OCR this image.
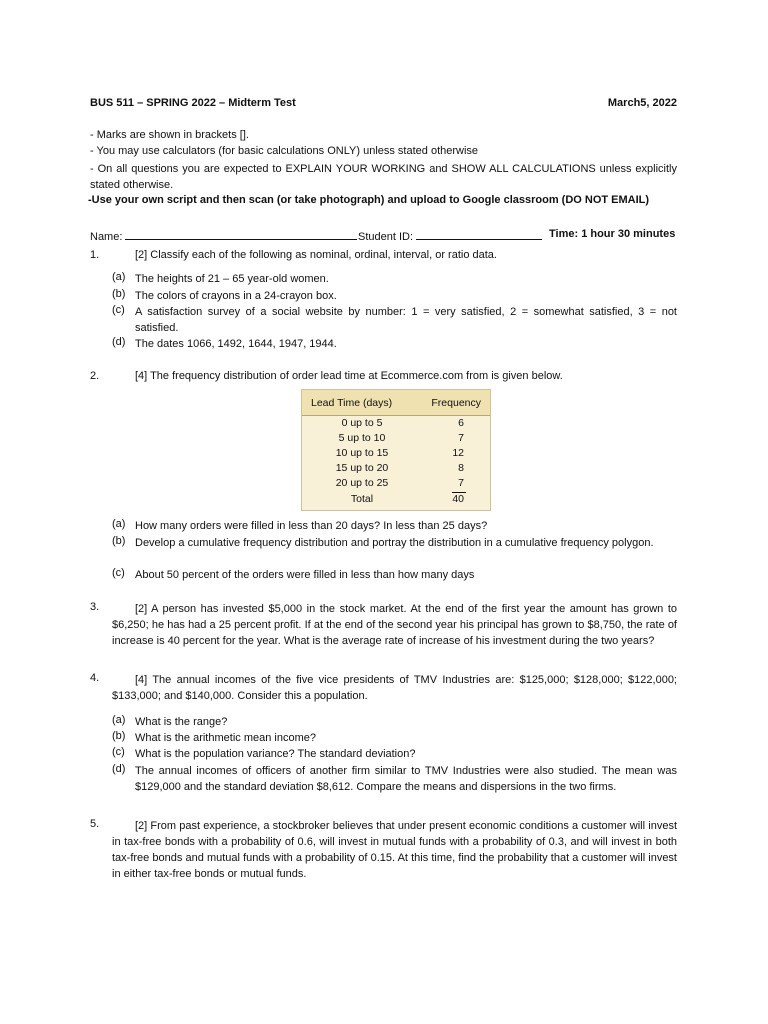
BUS 511 – SPRING 2022 – Midterm Test	March5, 2022
- Marks are shown in brackets [].
- You may use calculators (for basic calculations ONLY) unless stated otherwise
- On all questions you are expected to EXPLAIN YOUR WORKING and SHOW ALL CALCULATIONS unless explicitly stated otherwise.
-Use your own script and then scan (or take photograph) and upload to Google classroom (DO NOT EMAIL)
Name:	Student ID:	Time: 1 hour 30 minutes
1.	[2] Classify each of the following as nominal, ordinal, interval, or ratio data.
(a) The heights of 21 – 65 year-old women.
(b) The colors of crayons in a 24-crayon box.
(c) A satisfaction survey of a social website by number: 1 = very satisfied, 2 = somewhat satisfied, 3 = not satisfied.
(d) The dates 1066, 1492, 1644, 1947, 1944.
2.	[4] The frequency distribution of order lead time at Ecommerce.com from is given below.
Lead Time (days)	Frequency
0 up to 5	6
5 up to 10	7
10 up to 15	12
15 up to 20	8
20 up to 25	7
Total	40
(a) How many orders were filled in less than 20 days? In less than 25 days?
(b) Develop a cumulative frequency distribution and portray the distribution in a cumulative frequency polygon.
(c) About 50 percent of the orders were filled in less than how many days
3.	[2] A person has invested $5,000 in the stock market. At the end of the first year the amount has grown to $6,250; he has had a 25 percent profit. If at the end of the second year his principal has grown to $8,750, the rate of increase is 40 percent for the year. What is the average rate of increase of his investment during the two years?
4.	[4] The annual incomes of the five vice presidents of TMV Industries are: $125,000; $128,000; $122,000; $133,000; and $140,000. Consider this a population.
(a) What is the range?
(b) What is the arithmetic mean income?
(c) What is the population variance? The standard deviation?
(d) The annual incomes of officers of another firm similar to TMV Industries were also studied. The mean was $129,000 and the standard deviation $8,612. Compare the means and dispersions in the two firms.
5.	[2] From past experience, a stockbroker believes that under present economic conditions a customer will invest in tax-free bonds with a probability of 0.6, will invest in mutual funds with a probability of 0.3, and will invest in both tax-free bonds and mutual funds with a probability of 0.15. At this time, find the probability that a customer will invest in either tax-free bonds or mutual funds.
